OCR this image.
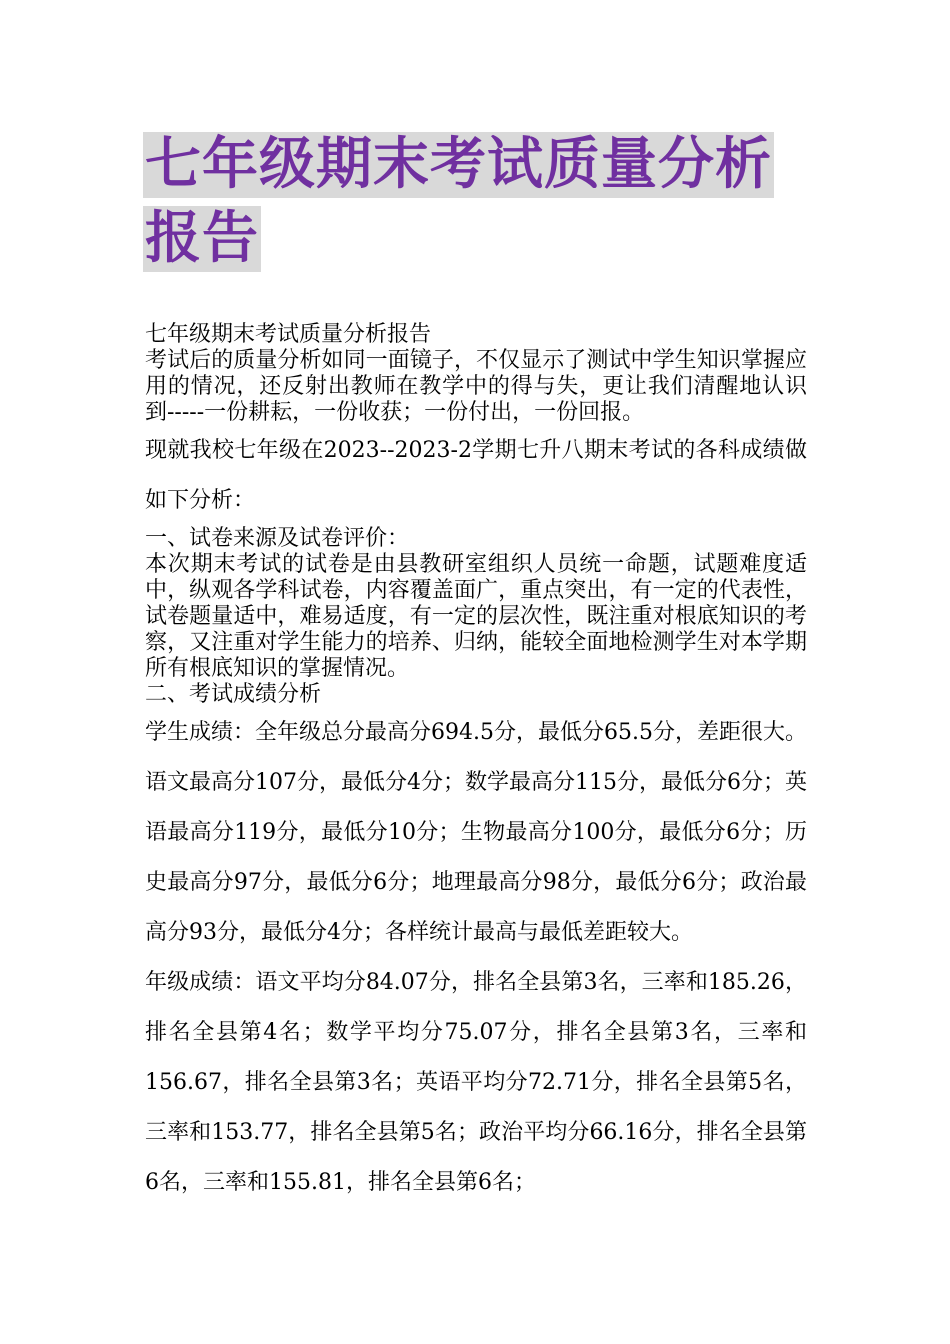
七年级期末考试质量分析
报告

七年级期末考试质量分析报告

考试后的质量分析如同一面镜子，不仅显示了测试中学生知识掌握应用的情况，还反射出教师在教学中的得与失，更让我们清醒地认识到-----一份耕耘，一份收获；一份付出，一份回报。

现就我校七年级在2023--2023-2学期七升八期末考试的各科成绩做如下分析：

一、试卷来源及试卷评价：

本次期末考试的试卷是由县教研室组织人员统一命题，试题难度适中，纵观各学科试卷，内容覆盖面广，重点突出，有一定的代表性，试卷题量适中，难易适度，有一定的层次性，既注重对根底知识的考察，又注重对学生能力的培养、归纳，能较全面地检测学生对本学期所有根底知识的掌握情况。

二、考试成绩分析

学生成绩：全年级总分最高分694.5分，最低分65.5分，差距很大。语文最高分107分，最低分4分；数学最高分115分，最低分6分；英语最高分119分，最低分10分；生物最高分100分，最低分6分；历史最高分97分，最低分6分；地理最高分98分，最低分6分；政治最高分93分，最低分4分；各样统计最高与最低差距较大。

年级成绩：语文平均分84.07分，排名全县第3名，三率和185.26，排名全县第4名；数学平均分75.07分，排名全县第3名，三率和156.67，排名全县第3名；英语平均分72.71分，排名全县第5名，三率和153.77，排名全县第5名；政治平均分66.16分，排名全县第6名，三率和155.81，排名全县第6名；
